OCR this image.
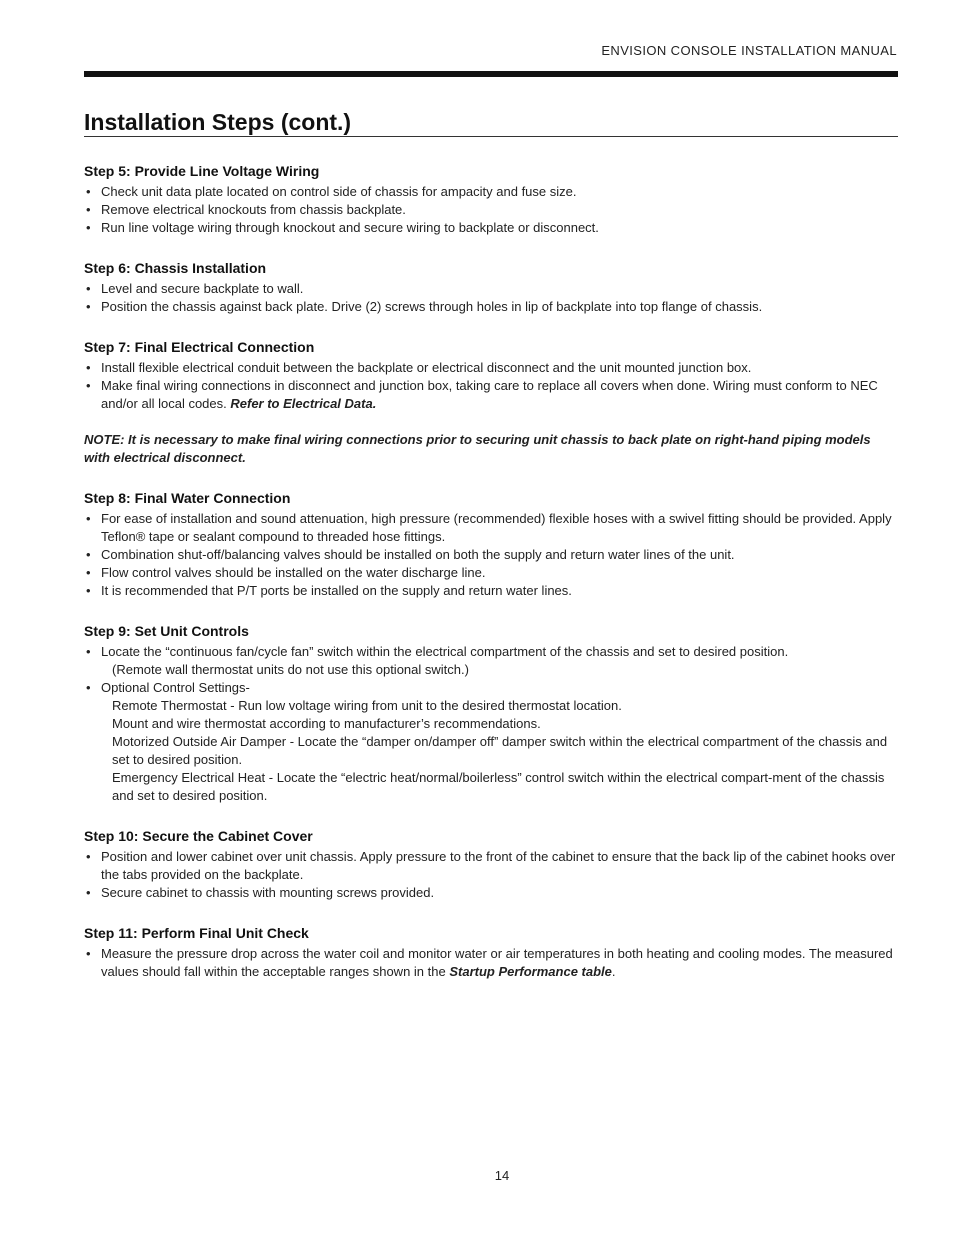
ENVISION CONSOLE INSTALLATION MANUAL
Installation Steps (cont.)
Step 5: Provide Line Voltage Wiring
• Check unit data plate located on control side of chassis for ampacity and fuse size.
• Remove electrical knockouts from chassis backplate.
• Run line voltage wiring through knockout and secure wiring to backplate or disconnect.
Step 6: Chassis Installation
• Level and secure backplate to wall.
• Position the chassis against back plate. Drive (2) screws through holes in lip of backplate into top flange of chassis.
Step 7: Final Electrical Connection
• Install flexible electrical conduit between the backplate or electrical disconnect and the unit mounted junction box.
• Make final wiring connections in disconnect and junction box, taking care to replace all covers when done. Wiring must conform to NEC and/or all local codes. Refer to Electrical Data.

NOTE: It is necessary to make final wiring connections prior to securing unit chassis to back plate on right-hand piping models with electrical disconnect.

Step 8: Final Water Connection
• For ease of installation and sound attenuation, high pressure (recommended) flexible hoses with a swivel fitting should be provided. Apply Teflon® tape or sealant compound to threaded hose fittings.
• Combination shut-off/balancing valves should be installed on both the supply and return water lines of the unit.
• Flow control valves should be installed on the water discharge line.
• It is recommended that P/T ports be installed on the supply and return water lines.
Step 9: Set Unit Controls
• Locate the “continuous fan/cycle fan” switch within the electrical compartment of the chassis and set to desired position.
(Remote wall thermostat units do not use this optional switch.)
• Optional Control Settings-
Remote Thermostat - Run low voltage wiring from unit to the desired thermostat location.
Mount and wire thermostat according to manufacturer’s recommendations.
Motorized Outside Air Damper - Locate the “damper on/damper off” damper switch within the electrical compartment of the chassis and set to desired position.
Emergency Electrical Heat - Locate the “electric heat/normal/boilerless” control switch within the electrical compart-ment of the chassis and set to desired position.
Step 10: Secure the Cabinet Cover
• Position and lower cabinet over unit chassis. Apply pressure to the front of the cabinet to ensure that the back lip of the cabinet hooks over the tabs provided on the backplate.
• Secure cabinet to chassis with mounting screws provided.
Step 11: Perform Final Unit Check
• Measure the pressure drop across the water coil and monitor water or air temperatures in both heating and cooling modes. The measured values should fall within the acceptable ranges shown in the Startup Performance table.
14
